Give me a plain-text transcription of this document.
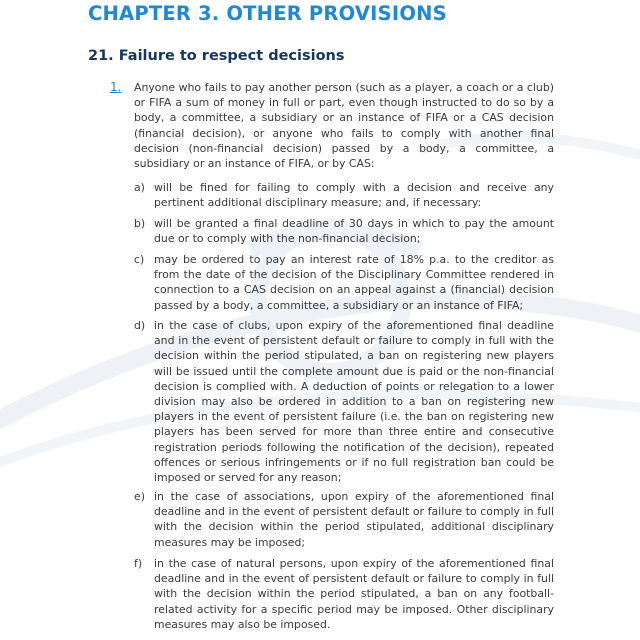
CHAPTER 3. OTHER PROVISIONS
21. Failure to respect decisions
1. Anyone who fails to pay another person (such as a player, a coach or a club) or FIFA a sum of money in full or part, even though instructed to do so by a body, a committee, a subsidiary or an instance of FIFA or a CAS decision (financial decision), or anyone who fails to comply with another final decision (non-financial decision) passed by a body, a committee, a subsidiary or an instance of FIFA, or by CAS:

a) will be fined for failing to comply with a decision and receive any pertinent additional disciplinary measure; and, if necessary:

b) will be granted a final deadline of 30 days in which to pay the amount due or to comply with the non-financial decision;

c) may be ordered to pay an interest rate of 18% p.a. to the creditor as from the date of the decision of the Disciplinary Committee rendered in connection to a CAS decision on an appeal against a (financial) decision passed by a body, a committee, a subsidiary or an instance of FIFA;

d) in the case of clubs, upon expiry of the aforementioned final deadline and in the event of persistent default or failure to comply in full with the decision within the period stipulated, a ban on registering new players will be issued until the complete amount due is paid or the non-financial decision is complied with. A deduction of points or relegation to a lower division may also be ordered in addition to a ban on registering new players in the event of persistent failure (i.e. the ban on registering new players has been served for more than three entire and consecutive registration periods following the notification of the decision), repeated offences or serious infringements or if no full registration ban could be imposed or served for any reason;

e) in the case of associations, upon expiry of the aforementioned final deadline and in the event of persistent default or failure to comply in full with the decision within the period stipulated, additional disciplinary measures may be imposed;

f) in the case of natural persons, upon expiry of the aforementioned final deadline and in the event of persistent default or failure to comply in full with the decision within the period stipulated, a ban on any football-related activity for a specific period may be imposed. Other disciplinary measures may also be imposed.
